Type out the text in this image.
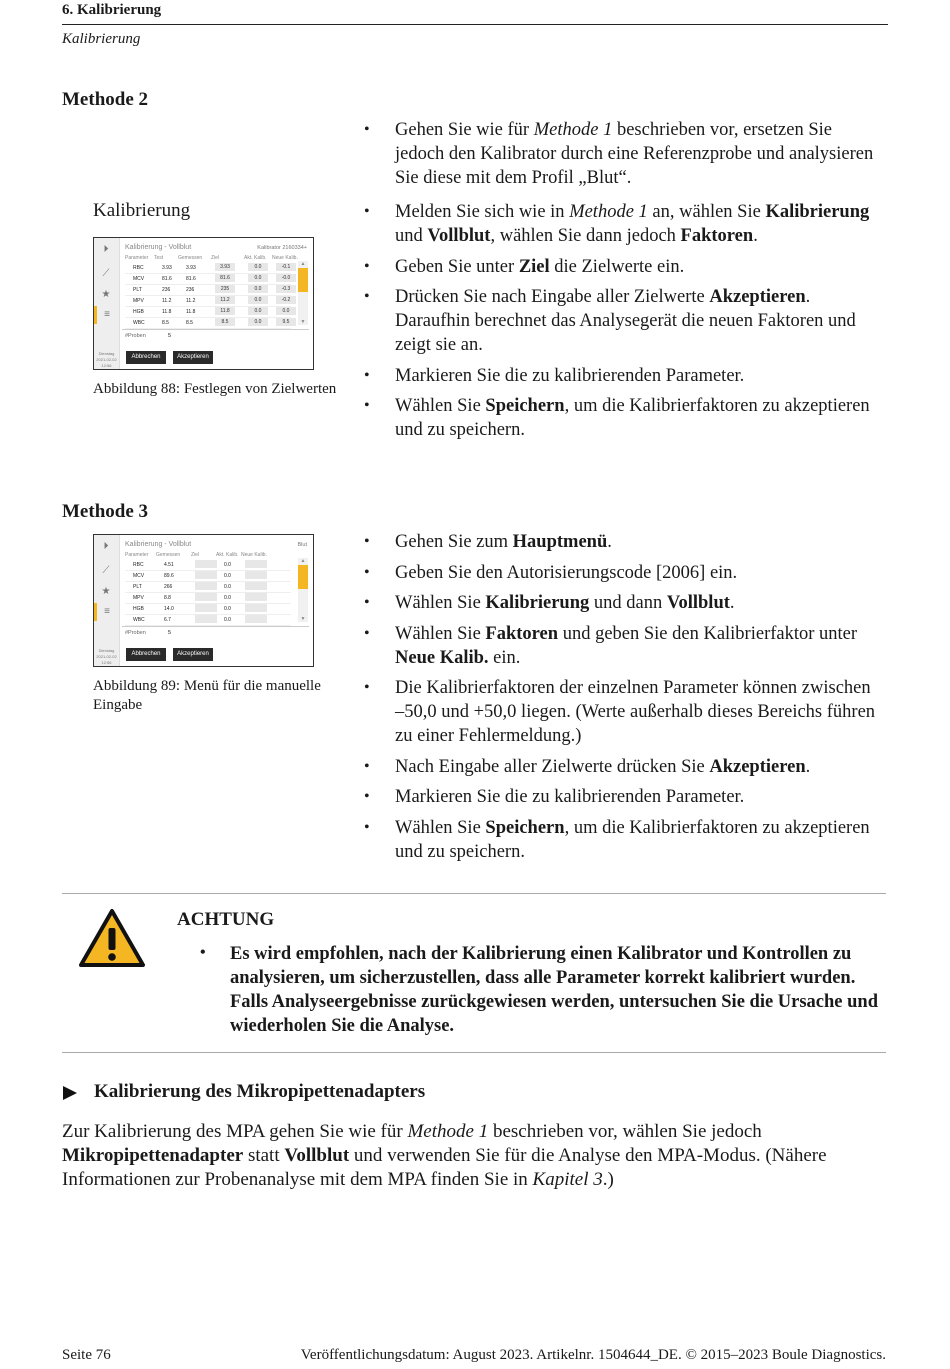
6. Kalibrierung
Kalibrierung
Methode 2
• Gehen Sie wie für Methode 1 beschrieben vor, ersetzen Sie jedoch den Kalibrator durch eine Referenzprobe und analysieren Sie diese mit dem Profil „Blut“.
Kalibrierung
•	Melden Sie sich wie in Methode 1 an, wählen Sie Kalibrierung und Vollblut, wählen Sie dann jedoch Faktoren.
• Geben Sie unter Ziel die Zielwerte ein.
• Drücken Sie nach Eingabe aller Zielwerte Akzeptieren. Daraufhin berechnet das Analysegerät die neuen Faktoren und zeigt sie an.
• Markieren Sie die zu kalibrierenden Parameter.
• Wählen Sie Speichern, um die Kalibrierfaktoren zu akzeptieren und zu speichern.
⏵
⟋
★
≡
Dienstag 2021-02-02 12:56
Kalibrierung - Vollblut	Kalibrator 2160334+
Parameter Test	Gemessen Ziel	Akt. Kalib. Neue Kalib.
RBC	3.93	3.93	3.93	0.0	-0.1
MCV	81.6	81.6	81.6	0.0	-0.0
PLT	236	236	235	0.0	-0.3
MPV	11.2	11.2	11.2	0.0	-0.2
HGB	11.8	11.8	11.8	0.0	0.0
WBC	8.5	8.5	8.5	0.0	9.5
▲
▼
#Proben	5
Abbrechen	Akzeptieren
Abbildung 88: Festlegen von Zielwerten
Methode 3
⏵
⟋
★
≡
Dienstag 2021-02-02 12:56
Kalibrierung - Vollblut	Blut
Parameter Gemessen Ziel	Akt. Kalib. Neue Kalib.
RBC	4.51	0.0
MCV	89.6	0.0
PLT	266	0.0
MPV	8.8	0.0
HGB	14.0	0.0
WBC	6.7	0.0
▲
▼
#Proben	5
Abbrechen	Akzeptieren
Abbildung 89: Menü für die manuelle Eingabe
• Gehen Sie zum Hauptmenü.
• Geben Sie den Autorisierungscode [2006] ein.
• Wählen Sie Kalibrierung und dann Vollblut.
• Wählen Sie Faktoren und geben Sie den Kalibrierfaktor unter Neue Kalib. ein.
• Die Kalibrierfaktoren der einzelnen Parameter können zwischen –50,0 und +50,0 liegen. (Werte außerhalb dieses Bereichs führen zu einer Fehlermeldung.)
• Nach Eingabe aller Zielwerte drücken Sie Akzeptieren.
• Markieren Sie die zu kalibrierenden Parameter.
• Wählen Sie Speichern, um die Kalibrierfaktoren zu akzeptieren und zu speichern.
ACHTUNG
• Es wird empfohlen, nach der Kalibrierung einen Kalibrator und Kontrollen zu analysieren, um sicherzustellen, dass alle Parameter korrekt kalibriert wurden. Falls Analyseergebnisse zurückgewiesen werden, untersuchen Sie die Ursache und wiederholen Sie die Analyse.
Kalibrierung des Mikropipettenadapters
Zur Kalibrierung des MPA gehen Sie wie für Methode 1 beschrieben vor, wählen Sie jedoch Mikropipettenadapter statt Vollblut und verwenden Sie für die Analyse den MPA-Modus. (Nähere Informationen zur Probenanalyse mit dem MPA finden Sie in Kapitel 3.)
Seite 76	Veröffentlichungsdatum: August 2023. Artikelnr. 1504644_DE. © 2015–2023 Boule Diagnostics.
